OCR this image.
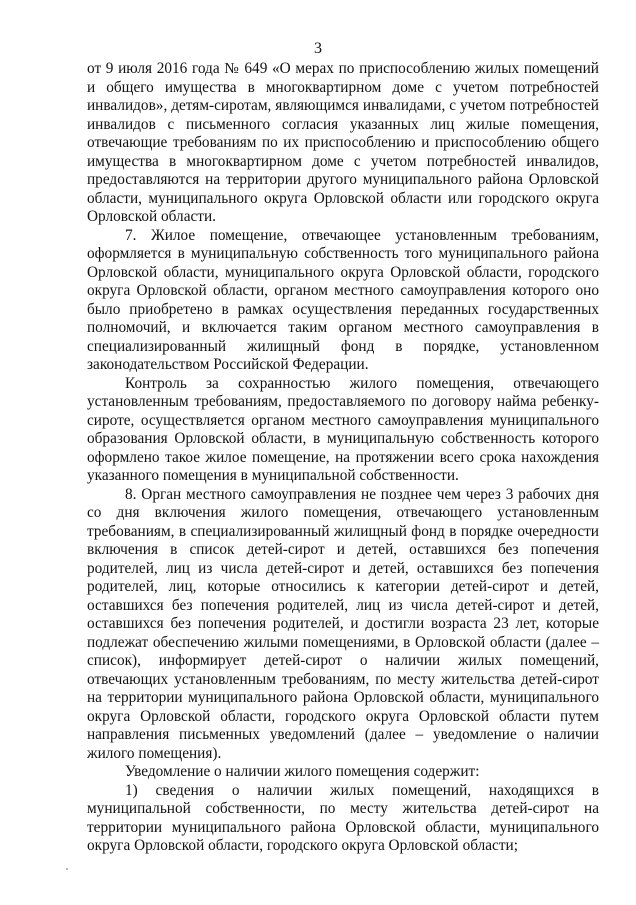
3

от 9 июля 2016 года № 649 «О мерах по приспособлению жилых помещений и общего имущества в многоквартирном доме с учетом потребностей инвалидов», детям-сиротам, являющимся инвалидами, с учетом потребностей инвалидов с письменного согласия указанных лиц жилые помещения, отвечающие требованиям по их приспособлению и приспособлению общего имущества в многоквартирном доме с учетом потребностей инвалидов, предоставляются на территории другого муниципального района Орловской области, муниципального округа Орловской области или городского округа Орловской области.

7. Жилое помещение, отвечающее установленным требованиям, оформляется в муниципальную собственность того муниципального района Орловской области, муниципального округа Орловской области, городского округа Орловской области, органом местного самоуправления которого оно было приобретено в рамках осуществления переданных государственных полномочий, и включается таким органом местного самоуправления в специализированный жилищный фонд в порядке, установленном законодательством Российской Федерации.

Контроль за сохранностью жилого помещения, отвечающего установленным требованиям, предоставляемого по договору найма ребенку-сироте, осуществляется органом местного самоуправления муниципального образования Орловской области, в муниципальную собственность которого оформлено такое жилое помещение, на протяжении всего срока нахождения указанного помещения в муниципальной собственности.

8. Орган местного самоуправления не позднее чем через 3 рабочих дня со дня включения жилого помещения, отвечающего установленным требованиям, в специализированный жилищный фонд в порядке очередности включения в список детей-сирот и детей, оставшихся без попечения родителей, лиц из числа детей-сирот и детей, оставшихся без попечения родителей, лиц, которые относились к категории детей-сирот и детей, оставшихся без попечения родителей, лиц из числа детей-сирот и детей, оставшихся без попечения родителей, и достигли возраста 23 лет, которые подлежат обеспечению жилыми помещениями, в Орловской области (далее – список), информирует детей-сирот о наличии жилых помещений, отвечающих установленным требованиям, по месту жительства детей-сирот на территории муниципального района Орловской области, муниципального округа Орловской области, городского округа Орловской области путем направления письменных уведомлений (далее – уведомление о наличии жилого помещения).

Уведомление о наличии жилого помещения содержит:

1) сведения о наличии жилых помещений, находящихся в муниципальной собственности, по месту жительства детей-сирот на территории муниципального района Орловской области, муниципального округа Орловской области, городского округа Орловской области;
